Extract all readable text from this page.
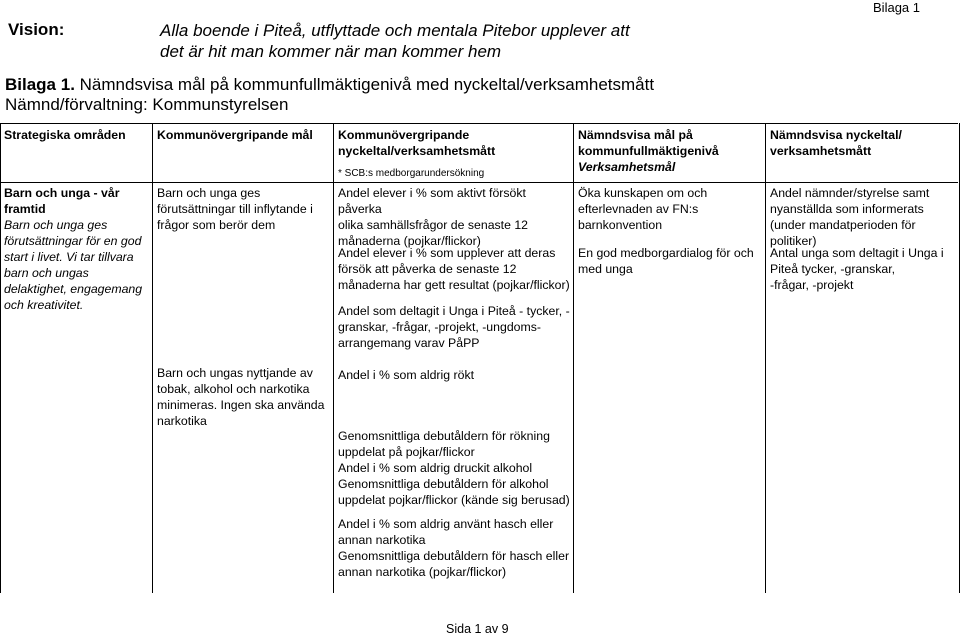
Vision:	Alla boende i Piteå, utflyttade och mentala Pitebor upplever att
det är hit man kommer när man kommer hem
Bilaga 1
Bilaga 1. Nämndsvisa mål på kommunfullmäktigenivå med nyckeltal/verksamhetsmått
Nämnd/förvaltning: Kommunstyrelsen
Strategiska områden	Kommunövergripande mål Kommunövergripande
nyckeltal/verksamhetsmått
* SCB:s medborgarundersökning
Nämndsvisa mål på
kommunfullmäktigenivå
Verksamhetsmål
Nämndsvisa nyckeltal/
verksamhetsmått
Barn och unga - vår
framtid
Barn och unga ges
förutsättningar för en god
start i livet. Vi tar tillvara
barn och ungas
delaktighet, engagemang
och kreativitet.
Barn och unga ges
förutsättningar till inflytande i
frågor som berör dem
Barn och ungas nyttjande av
tobak, alkohol och narkotika
minimeras. Ingen ska använda
narkotika
Andel elever i % som aktivt försökt påverka
olika samhällsfrågor de senaste 12
månaderna (pojkar/flickor)
Andel elever i % som upplever att deras
försök att påverka de senaste 12
månaderna har gett resultat (pojkar/flickor)
Andel som deltagit i Unga i Piteå - tycker, -
granskar, -frågar, -projekt, -ungdoms-
arrangemang varav PåPP
Andel i % som aldrig rökt
Genomsnittliga debutåldern för rökning
uppdelat på pojkar/flickor
Andel i % som aldrig druckit alkohol
Genomsnittliga debutåldern för alkohol
uppdelat pojkar/flickor (kände sig berusad)
Andel i % som aldrig använt hasch eller
annan narkotika
Genomsnittliga debutåldern för hasch eller
annan narkotika (pojkar/flickor)
Öka kunskapen om och
efterlevnaden av FN:s
barnkonvention
En god medborgardialog för och
med unga
Andel nämnder/styrelse samt
nyanställda som informerats
(under mandatperioden för
politiker)
Antal unga som deltagit i Unga i
Piteå tycker, -granskar,
-frågar, -projekt
Sida 1 av 9
